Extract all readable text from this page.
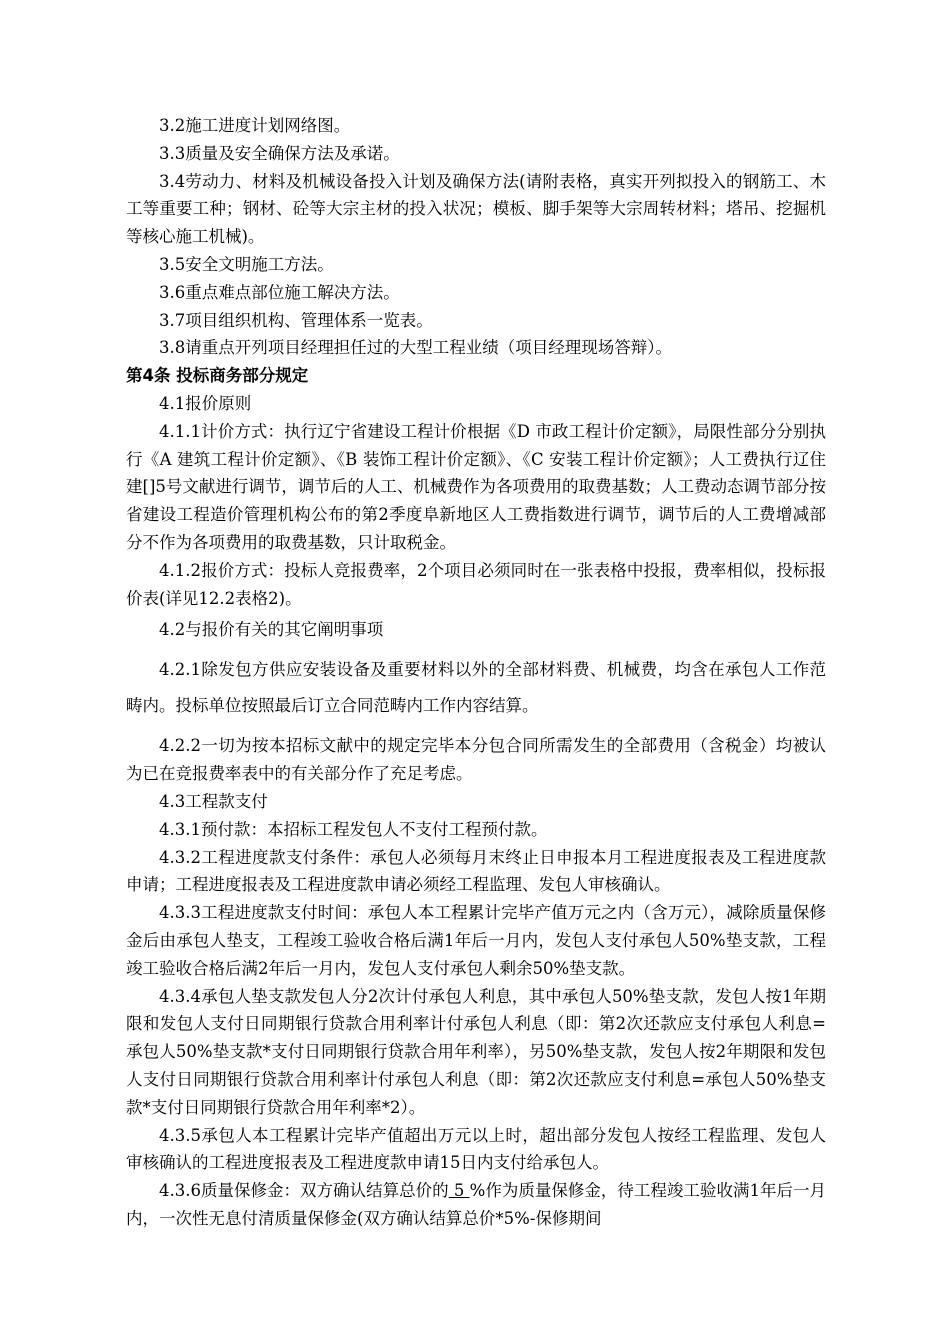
3.2施工进度计划网络图。

3.3质量及安全确保方法及承诺。

3.4劳动力、材料及机械设备投入计划及确保方法(请附表格，真实开列拟投入的钢筋工、木工等重要工种；钢材、砼等大宗主材的投入状况；模板、脚手架等大宗周转材料；塔吊、挖掘机等核心施工机械)。

3.5安全文明施工方法。

3.6重点难点部位施工解决方法。

3.7项目组织机构、管理体系一览表。

3.8请重点开列项目经理担任过的大型工程业绩（项目经理现场答辩）。

第4条 投标商务部分规定

4.1报价原则

4.1.1计价方式：执行辽宁省建设工程计价根据《D 市政工程计价定额》，局限性部分分别执行《A 建筑工程计价定额》、《B 装饰工程计价定额》、《C 安装工程计价定额》；人工费执行辽住建[]5号文献进行调节，调节后的人工、机械费作为各项费用的取费基数；人工费动态调节部分按省建设工程造价管理机构公布的第2季度阜新地区人工费指数进行调节，调节后的人工费增减部分不作为各项费用的取费基数，只计取税金。

4.1.2报价方式：投标人竞报费率，2个项目必须同时在一张表格中投报，费率相似，投标报价表(详见12.2表格2)。

4.2与报价有关的其它阐明事项

4.2.1除发包方供应安装设备及重要材料以外的全部材料费、机械费，均含在承包人工作范畴内。投标单位按照最后订立合同范畴内工作内容结算。

4.2.2一切为按本招标文献中的规定完毕本分包合同所需发生的全部费用（含税金）均被认为已在竞报费率表中的有关部分作了充足考虑。

4.3工程款支付

4.3.1预付款：本招标工程发包人不支付工程预付款。

4.3.2工程进度款支付条件：承包人必须每月末终止日申报本月工程进度报表及工程进度款申请；工程进度报表及工程进度款申请必须经工程监理、发包人审核确认。

4.3.3工程进度款支付时间：承包人本工程累计完毕产值万元之内（含万元），减除质量保修金后由承包人垫支，工程竣工验收合格后满1年后一月内，发包人支付承包人50%垫支款，工程竣工验收合格后满2年后一月内，发包人支付承包人剩余50%垫支款。

4.3.4承包人垫支款发包人分2次计付承包人利息，其中承包人50%垫支款，发包人按1年期限和发包人支付日同期银行贷款合用利率计付承包人利息（即：第2次还款应支付承包人利息=承包人50%垫支款*支付日同期银行贷款合用年利率），另50%垫支款，发包人按2年期限和发包人支付日同期银行贷款合用利率计付承包人利息（即：第2次还款应支付利息=承包人50%垫支款*支付日同期银行贷款合用年利率*2）。

4.3.5承包人本工程累计完毕产值超出万元以上时，超出部分发包人按经工程监理、发包人审核确认的工程进度报表及工程进度款申请15日内支付给承包人。

4.3.6质量保修金：双方确认结算总价的 5 %作为质量保修金，待工程竣工验收满1年后一月内，一次性无息付清质量保修金(双方确认结算总价*5%-保修期间
